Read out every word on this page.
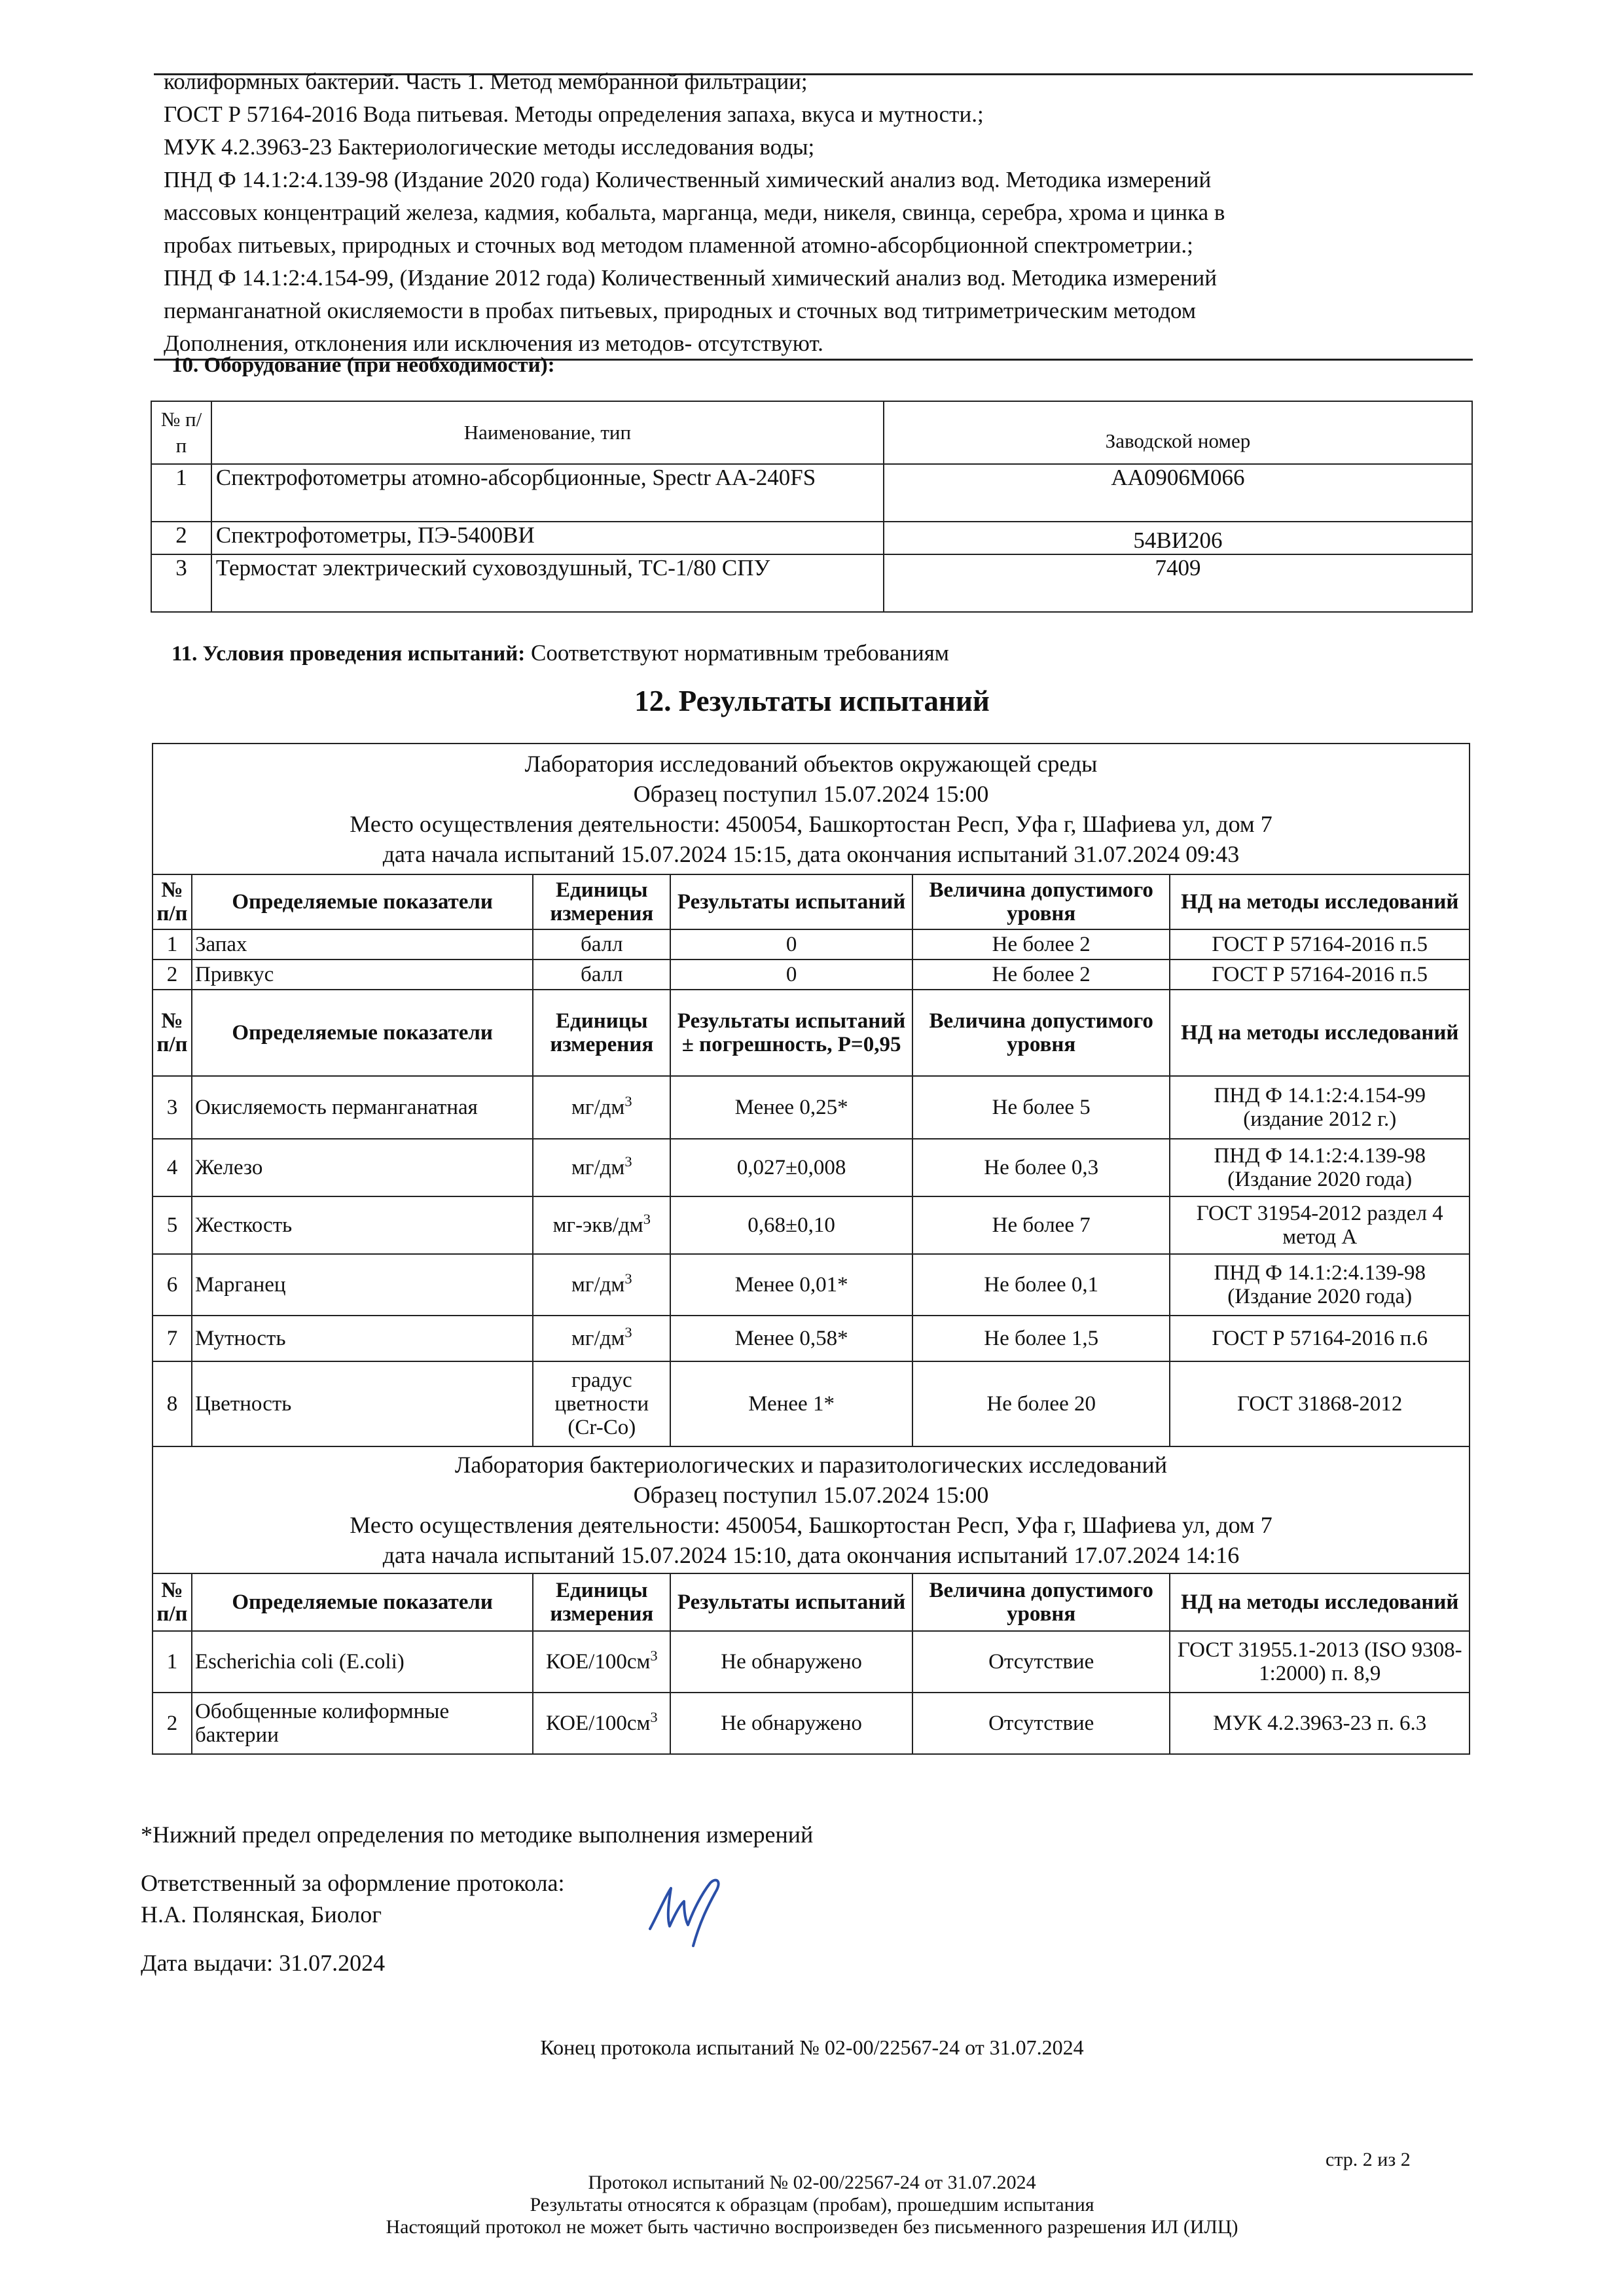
колиформных бактерий. Часть 1. Метод мембранной фильтрации;
ГОСТ Р 57164-2016 Вода питьевая. Методы определения запаха, вкуса и мутности.;
МУК 4.2.3963-23 Бактериологические методы исследования воды;
ПНД Ф 14.1:2:4.139-98 (Издание 2020 года) Количественный химический анализ вод. Методика измерений
массовых концентраций железа, кадмия, кобальта, марганца, меди, никеля, свинца, серебра, хрома и цинка в
пробах питьевых, природных и сточных вод методом пламенной атомно-абсорбционной спектрометрии.;
ПНД Ф 14.1:2:4.154-99, (Издание 2012 года) Количественный химический анализ вод. Методика измерений
перманганатной окисляемости в пробах питьевых, природных и сточных вод титриметрическим методом
Дополнения, отклонения или исключения из методов- отсутствуют.
10. Оборудование (при необходимости):
№ п/п	Наименование, тип	Заводской номер
1	Спектрофотометры атомно-абсорбционные, Spectr AA-240FS	AA0906M066
2	Спектрофотометры, ПЭ-5400ВИ	54ВИ206
3	Термостат электрический суховоздушный, ТС-1/80 СПУ	7409
11. Условия проведения испытаний: Соответствуют нормативным требованиям
12. Результаты испытаний
Лаборатория исследований объектов окружающей среды
Образец поступил 15.07.2024 15:00
Место осуществления деятельности: 450054, Башкортостан Респ, Уфа г, Шафиева ул, дом 7
дата начала испытаний 15.07.2024 15:15, дата окончания испытаний 31.07.2024 09:43					

№ п/п	Определяемые показатели	Единицы измерения	Результаты испытаний	Величина допустимого уровня	НД на методы исследований
1	Запах	балл	0	Не более 2	ГОСТ Р 57164-2016 п.5
2	Привкус	балл	0	Не более 2	ГОСТ Р 57164-2016 п.5
№ п/п	Определяемые показатели	Единицы измерения	Результаты испытаний ± погрешность, P=0,95	Величина допустимого уровня	НД на методы исследований
3	Окисляемость перманганатная	$мг/дм^3$	Менее 0,25*	Не более 5	ПНД Ф 14.1:2:4.154-99 (издание 2012 г.)
4	Железо	$мг/дм^3$	0,027±0,008	Не более 0,3	ПНД Ф 14.1:2:4.139-98 (Издание 2020 года)
5	Жесткость	$мг-экв/дм^3$	0,68±0,10	Не более 7	ГОСТ 31954-2012 раздел 4 метод А
6	Марганец	$мг/дм^3$	Менее 0,01*	Не более 0,1	ПНД Ф 14.1:2:4.139-98 (Издание 2020 года)
7	Мутность	$мг/дм^3$	Менее 0,58*	Не более 1,5	ГОСТ Р 57164-2016 п.6
8	Цветность	градус цветности (Cr-Co)	Менее 1*	Не более 20	ГОСТ 31868-2012

Лаборатория бактериологических и паразитологических исследований
Образец поступил 15.07.2024 15:00
Место осуществления деятельности: 450054, Башкортостан Респ, Уфа г, Шафиева ул, дом 7
дата начала испытаний 15.07.2024 15:10, дата окончания испытаний 17.07.2024 14:16					

№ п/п	Определяемые показатели	Единицы измерения	Результаты испытаний	Величина допустимого уровня	НД на методы исследований
1	Escherichia coli (E.coli)	КОЕ/$100см^3$	Не обнаружено	Отсутствие	ГОСТ 31955.1-2013 (ISO 9308-1:2000) п. 8,9
2	Обобщенные колиформные бактерии	КОЕ/$100см^3$	Не обнаружено	Отсутствие	МУК 4.2.3963-23 п. 6.3
*Нижний предел определения по методике выполнения измерений
Ответственный за оформление протокола:
Н.А. Полянская, Биолог
Дата выдачи: 31.07.2024
Конец протокола испытаний № 02-00/22567-24 от 31.07.2024
стр. 2 из 2
Протокол испытаний № 02-00/22567-24 от 31.07.2024
Результаты относятся к образцам (пробам), прошедшим испытания
Настоящий протокол не может быть частично воспроизведен без письменного разрешения ИЛ (ИЛЦ)
